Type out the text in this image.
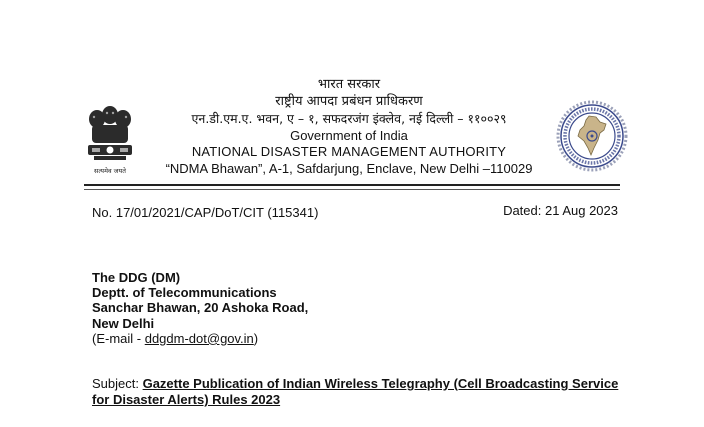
सत्यमेव जयते
भारत सरकार
राष्ट्रीय आपदा प्रबंधन प्राधिकरण
एन.डी.एम.ए. भवन, ए – १, सफदरजंग इंक्लेव, नई दिल्ली – ११००२९
Government of India
NATIONAL DISASTER MANAGEMENT AUTHORITY
“NDMA Bhawan”, A-1, Safdarjung, Enclave, New Delhi –110029
No. 17/01/2021/CAP/DoT/CIT (115341)	Dated: 21 Aug 2023
The DDG (DM)
Deptt. of Telecommunications
Sanchar Bhawan, 20 Ashoka Road,
New Delhi
(E-mail - ddgdm-dot@gov.in)
Subject: Gazette Publication of Indian Wireless Telegraphy (Cell Broadcasting Service for Disaster Alerts) Rules 2023
